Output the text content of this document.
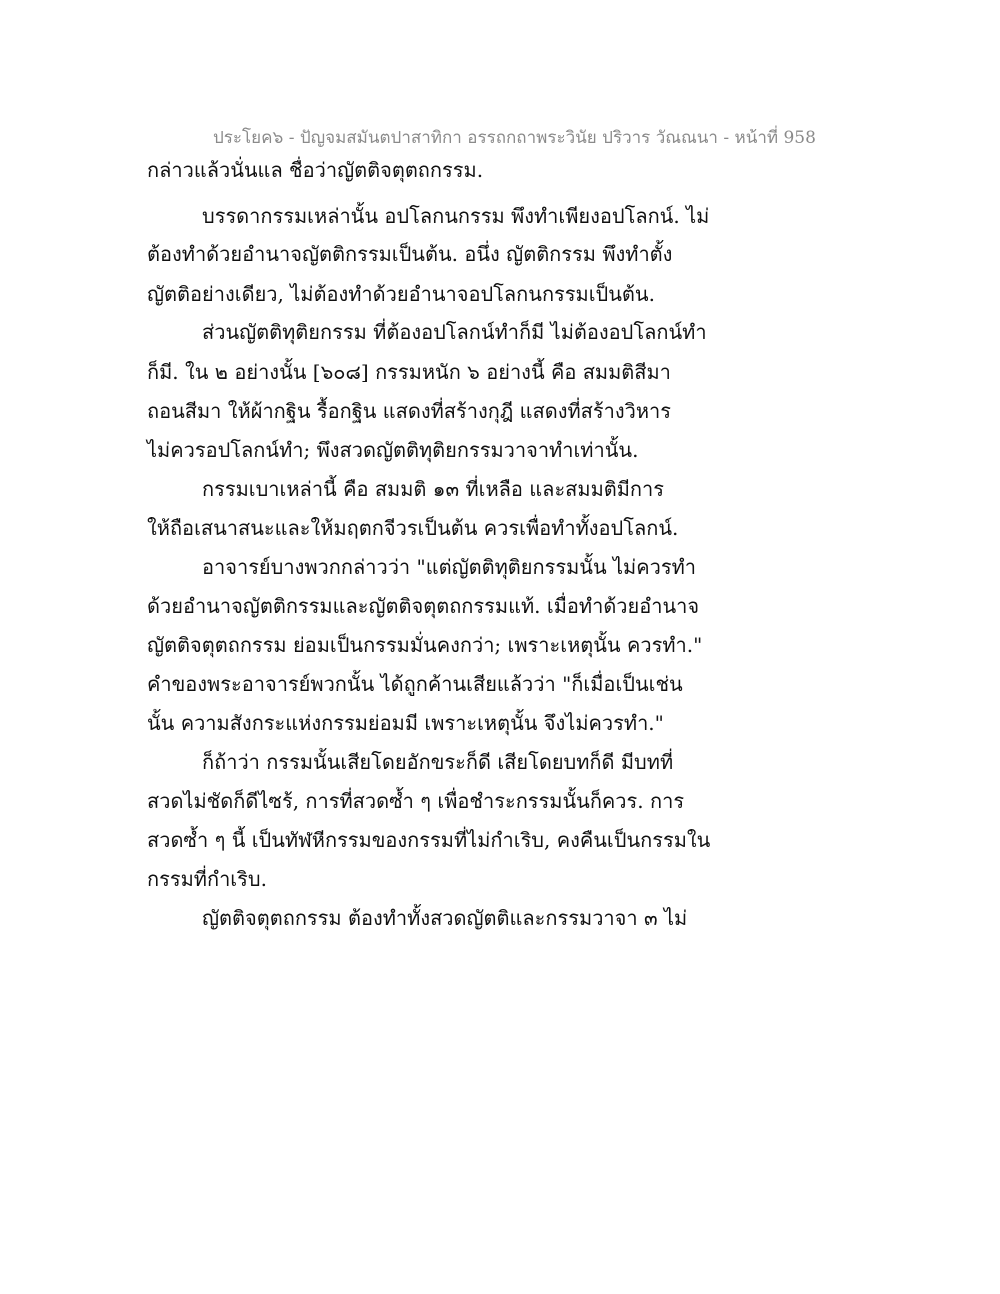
ประโยค๖ - ปัญจมสมันตปาสาทิกา อรรถกถาพระวินัย ปริวาร วัณณนา - หน้าที่ 958
กล่าวแล้วนั่นแล ชื่อว่าญัตติจตุตถกรรม.
บรรดากรรมเหล่านั้น อปโลกนกรรม พึงทำเพียงอปโลกน์. ไม่
ต้องทำด้วยอำนาจญัตติกรรมเป็นต้น. อนึ่ง ญัตติกรรม พึงทำตั้ง
ญัตติอย่างเดียว, ไม่ต้องทำด้วยอำนาจอปโลกนกรรมเป็นต้น.
ส่วนญัตติทุติยกรรม ที่ต้องอปโลกน์ทำก็มี ไม่ต้องอปโลกน์ทำ
ก็มี. ใน ๒ อย่างนั้น [๖๐๘] กรรมหนัก ๖ อย่างนี้ คือ สมมติสีมา
ถอนสีมา ให้ผ้ากฐิน รื้อกฐิน แสดงที่สร้างกุฎี แสดงที่สร้างวิหาร
ไม่ควรอปโลกน์ทำ; พึงสวดญัตติทุติยกรรมวาจาทำเท่านั้น.
กรรมเบาเหล่านี้ คือ สมมติ ๑๓ ที่เหลือ และสมมติมีการ
ให้ถือเสนาสนะและให้มฤตกจีวรเป็นต้น ควรเพื่อทำทั้งอปโลกน์.
อาจารย์บางพวกกล่าวว่า "แต่ญัตติทุติยกรรมนั้น ไม่ควรทำ
ด้วยอำนาจญัตติกรรมและญัตติจตุตถกรรมแท้. เมื่อทำด้วยอำนาจ
ญัตติจตุตถกรรม ย่อมเป็นกรรมมั่นคงกว่า; เพราะเหตุนั้น ควรทำ."
คำของพระอาจารย์พวกนั้น ได้ถูกค้านเสียแล้วว่า "ก็เมื่อเป็นเช่น
นั้น ความสังกระแห่งกรรมย่อมมี เพราะเหตุนั้น จึงไม่ควรทำ."
ก็ถ้าว่า กรรมนั้นเสียโดยอักขระก็ดี เสียโดยบทก็ดี มีบทที่
สวดไม่ชัดก็ดีไซร้, การที่สวดซ้ำ ๆ เพื่อชำระกรรมนั้นก็ควร. การ
สวดซ้ำ ๆ นี้ เป็นทัฬหีกรรมของกรรมที่ไม่กำเริบ, คงคืนเป็นกรรมใน
กรรมที่กำเริบ.
ญัตติจตุตถกรรม ต้องทำทั้งสวดญัตติและกรรมวาจา ๓ ไม่
